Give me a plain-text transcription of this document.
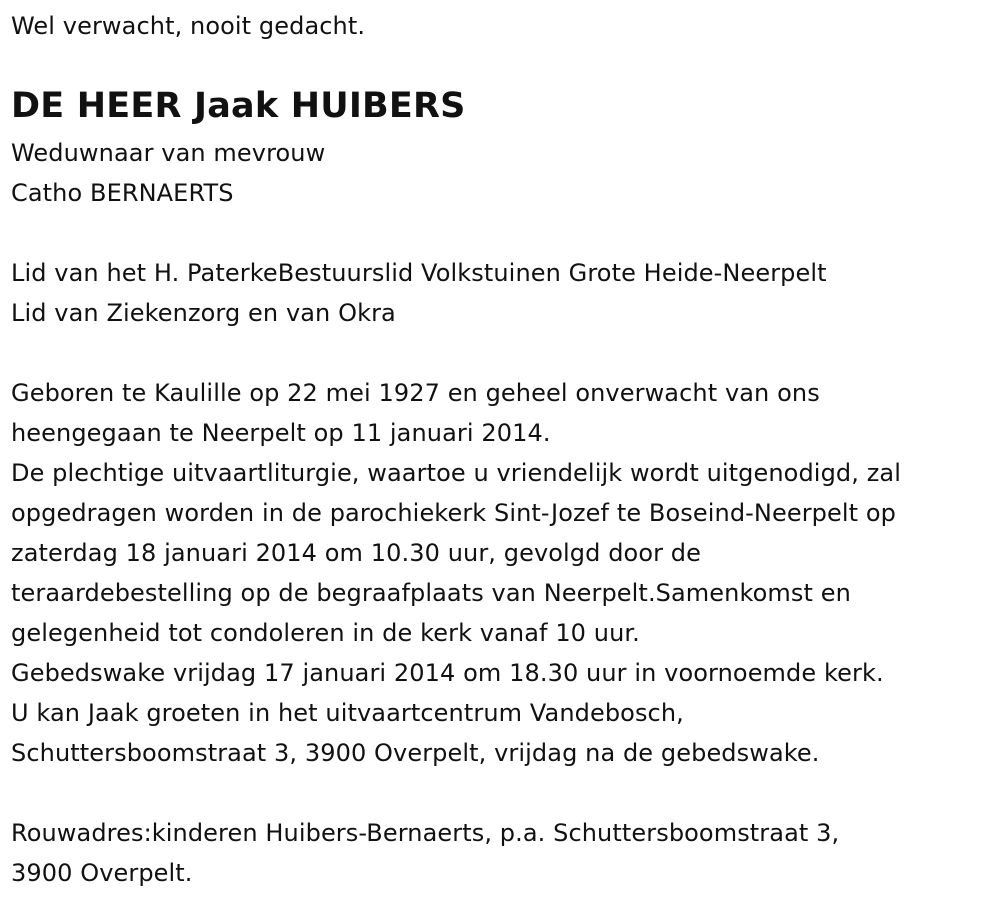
Wel verwacht, nooit gedacht.
DE HEER Jaak HUIBERS
Weduwnaar van mevrouw
Catho BERNAERTS
Lid van het H. PaterkeBestuurslid Volkstuinen Grote Heide-Neerpelt
Lid van Ziekenzorg en van Okra
Geboren te Kaulille op 22 mei 1927 en geheel onverwacht van ons
heengegaan te Neerpelt op 11 januari 2014.
De plechtige uitvaartliturgie, waartoe u vriendelijk wordt uitgenodigd, zal
opgedragen worden in de parochiekerk Sint-Jozef te Boseind-Neerpelt op
zaterdag 18 januari 2014 om 10.30 uur, gevolgd door de
teraardebestelling op de begraafplaats van Neerpelt.Samenkomst en
gelegenheid tot condoleren in de kerk vanaf 10 uur.
Gebedswake vrijdag 17 januari 2014 om 18.30 uur in voornoemde kerk.
U kan Jaak groeten in het uitvaartcentrum Vandebosch,
Schuttersboomstraat 3, 3900 Overpelt, vrijdag na de gebedswake.
Rouwadres:kinderen Huibers-Bernaerts, p.a. Schuttersboomstraat 3,
3900 Overpelt.
